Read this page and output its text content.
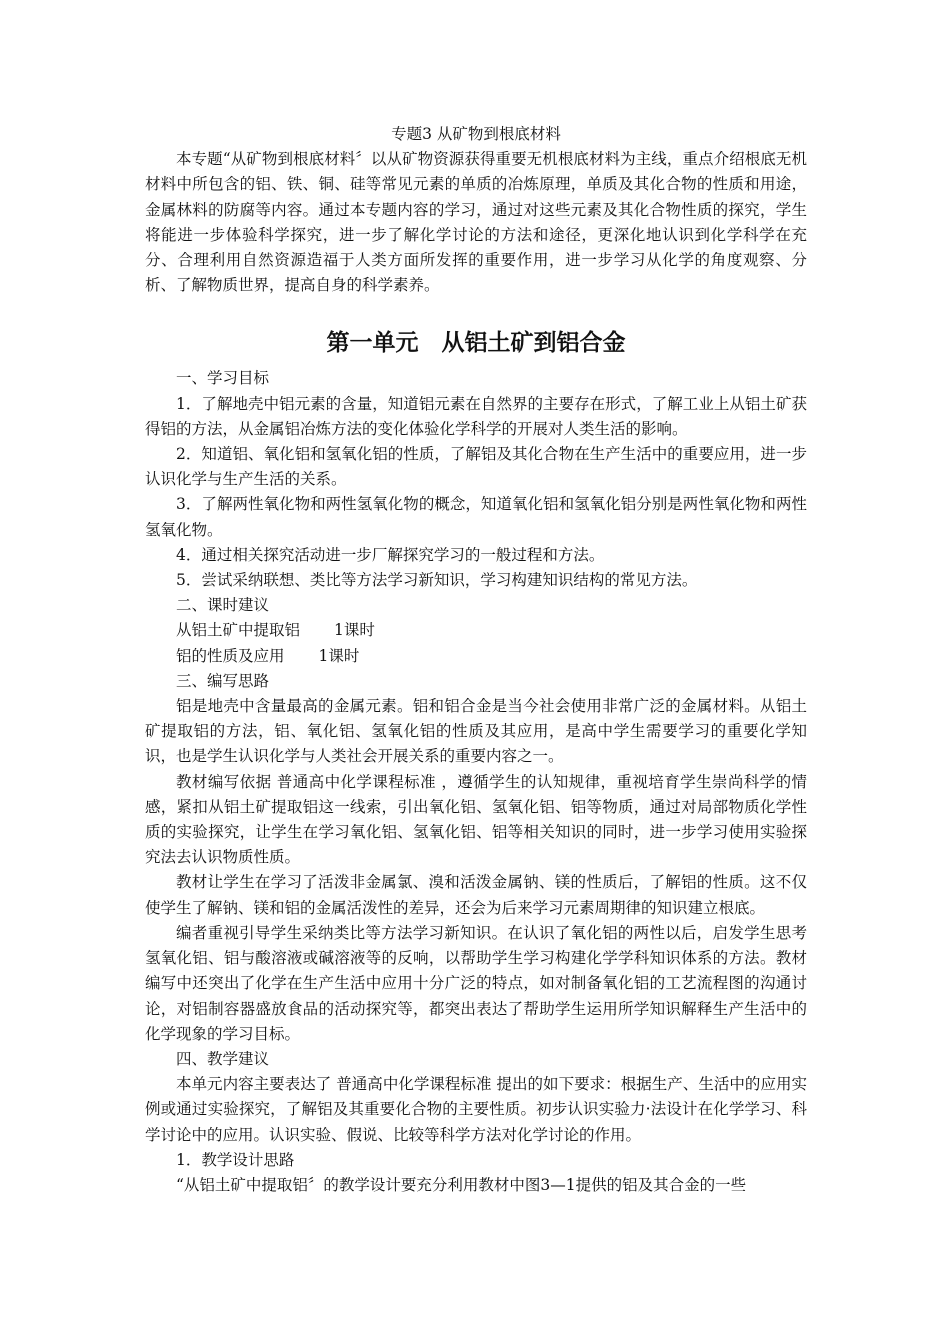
专题3 从矿物到根底材料

本专题“从矿物到根底材料〞以从矿物资源获得重要无机根底材料为主线，重点介绍根底无机材料中所包含的铝、铁、铜、硅等常见元素的单质的冶炼原理，单质及其化合物的性质和用途，金属林料的防腐等内容。通过本专题内容的学习，通过对这些元素及其化合物性质的探究，学生将能进一步体验科学探究，进一步了解化学讨论的方法和途径，更深化地认识到化学科学在充分、合理利用自然资源造福于人类方面所发挥的重要作用，进一步学习从化学的角度观察、分析、了解物质世界，提高自身的科学素养。

第一单元　从铝土矿到铝合金

一、学习目标

1．了解地壳中铝元素的含量，知道铝元素在自然界的主要存在形式，了解工业上从铝土矿获得铝的方法，从金属铝冶炼方法的变化体验化学科学的开展对人类生活的影响。

2．知道铝、氧化铝和氢氧化铝的性质，了解铝及其化合物在生产生活中的重要应用，进一步认识化学与生产生活的关系。

3．了解两性氧化物和两性氢氧化物的概念，知道氧化铝和氢氧化铝分别是两性氧化物和两性氢氧化物。

4．通过相关探究活动进一步厂解探究学习的一般过程和方法。

5．尝试采纳联想、类比等方法学习新知识，学习构建知识结构的常见方法。

二、课时建议

从铝土矿中提取铝 1课时

铝的性质及应用 1课时

三、编写思路

铝是地壳中含量最高的金属元素。铝和铝合金是当今社会使用非常广泛的金属材料。从铝土矿提取铝的方法，铝、氧化铝、氢氧化铝的性质及其应用，是高中学生需要学习的重要化学知识，也是学生认识化学与人类社会开展关系的重要内容之一。

教材编写依据 普通高中化学课程标准 ，遵循学生的认知规律，重视培育学生崇尚科学的情感，紧扣从铝土矿提取铝这一线索，引出氧化铝、氢氧化铝、铝等物质，通过对局部物质化学性质的实验探究，让学生在学习氧化铝、氢氧化铝、铝等相关知识的同时，进一步学习使用实验探究法去认识物质性质。

教材让学生在学习了活泼非金属氯、溴和活泼金属钠、镁的性质后，了解铝的性质。这不仅使学生了解钠、镁和铝的金属活泼性的差异，还会为后来学习元素周期律的知识建立根底。

编者重视引导学生采纳类比等方法学习新知识。在认识了氧化铝的两性以后，启发学生思考氢氧化铝、铝与酸溶液或碱溶液等的反响，以帮助学生学习构建化学学科知识体系的方法。教材编写中还突出了化学在生产生活中应用十分广泛的特点，如对制备氧化铝的工艺流程图的沟通讨论，对铝制容器盛放食品的活动探究等，都突出表达了帮助学生运用所学知识解释生产生活中的化学现象的学习目标。

四、教学建议

本单元内容主要表达了 普通高中化学课程标准 提出的如下要求：根据生产、生活中的应用实例或通过实验探究，了解铝及其重要化合物的主要性质。初步认识实验力·法设计在化学学习、科学讨论中的应用。认识实验、假说、比较等科学方法对化学讨论的作用。

1．教学设计思路

“从铝土矿中提取铝〞的教学设计要充分利用教材中图3—1提供的铝及其合金的一些
